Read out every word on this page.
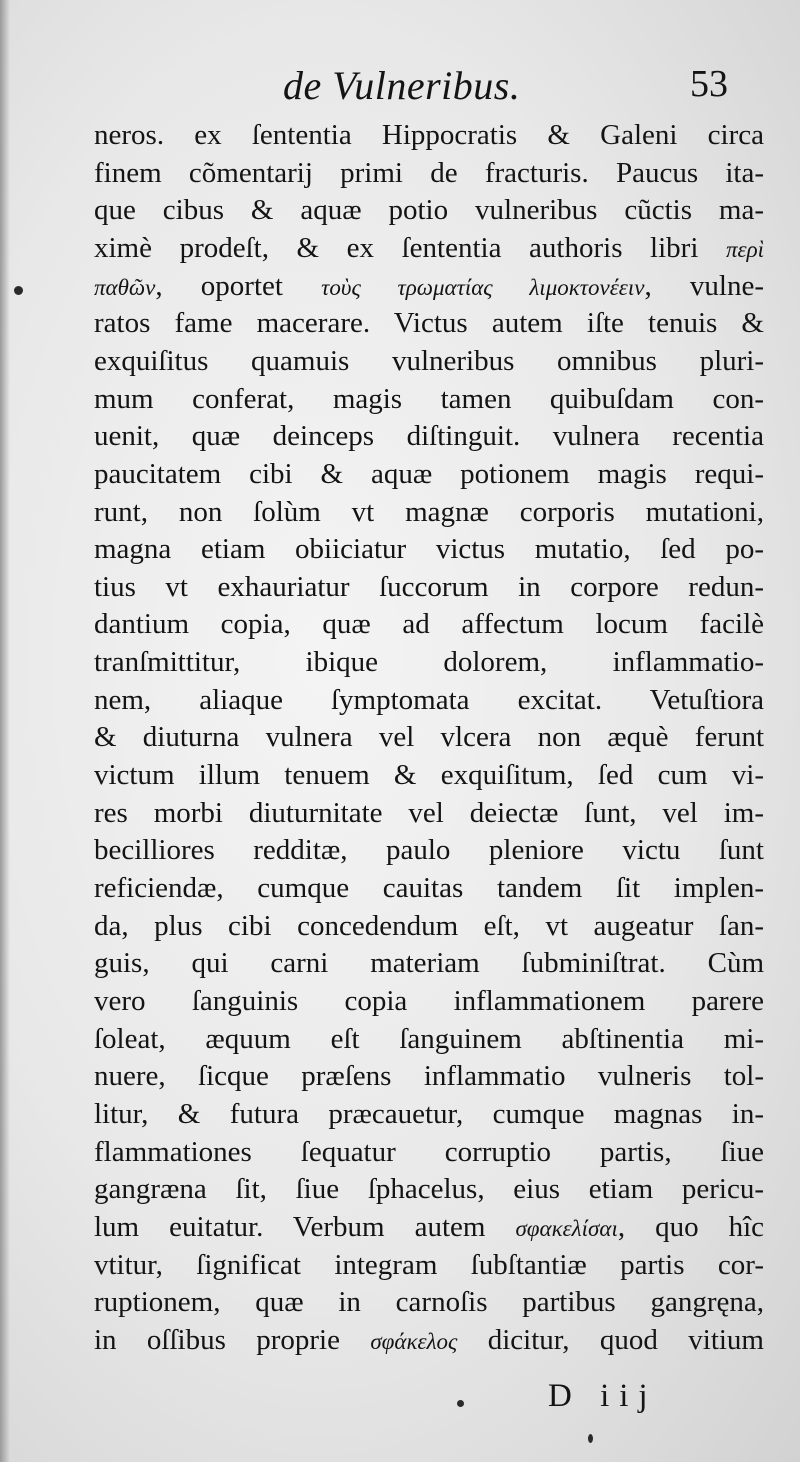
de Vulneribus.	53
neros. ex ſententia Hippocratis & Galeni circa
finem cõmentarij primi de fracturis. Paucus ita-
que cibus & aquæ potio vulneribus cũctis ma-
ximè prodeſt, & ex ſententia authoris libri περὶ
παθῶν, oportet τοὺς τρωματίας λιμοκτονέειν, vulne-
ratos fame macerare. Victus autem iſte tenuis &
exquiſitus quamuis vulneribus omnibus pluri-
mum conferat, magis tamen quibuſdam con-
uenit, quæ deinceps diſtinguit. vulnera recentia
paucitatem cibi & aquæ potionem magis requi-
runt, non ſolùm vt magnæ corporis mutationi,
magna etiam obiiciatur victus mutatio, ſed po-
tius vt exhauriatur ſuccorum in corpore redun-
dantium copia, quæ ad affectum locum facilè
tranſmittitur, ibique dolorem, inflammatio-
nem, aliaque ſymptomata excitat. Vetuſtiora
& diuturna vulnera vel vlcera non æquè ferunt
victum illum tenuem & exquiſitum, ſed cum vi-
res morbi diuturnitate vel deiectæ ſunt, vel im-
becilliores redditæ, paulo pleniore victu ſunt
reficiendæ, cumque cauitas tandem ſit implen-
da, plus cibi concedendum eſt, vt augeatur ſan-
guis, qui carni materiam ſubminiſtrat. Cùm
vero ſanguinis copia inflammationem parere
ſoleat, æquum eſt ſanguinem abſtinentia mi-
nuere, ſicque præſens inflammatio vulneris tol-
litur, & futura præcauetur, cumque magnas in-
flammationes ſequatur corruptio partis, ſiue
gangræna ſit, ſiue ſphacelus, eius etiam pericu-
lum euitatur. Verbum autem σφακελίσαι, quo hîc
vtitur, ſignificat integram ſubſtantiæ partis cor-
ruptionem, quæ in carnoſis partibus gangręna,
in oſſibus proprie σφάκελος dicitur, quod vitium
D iij
